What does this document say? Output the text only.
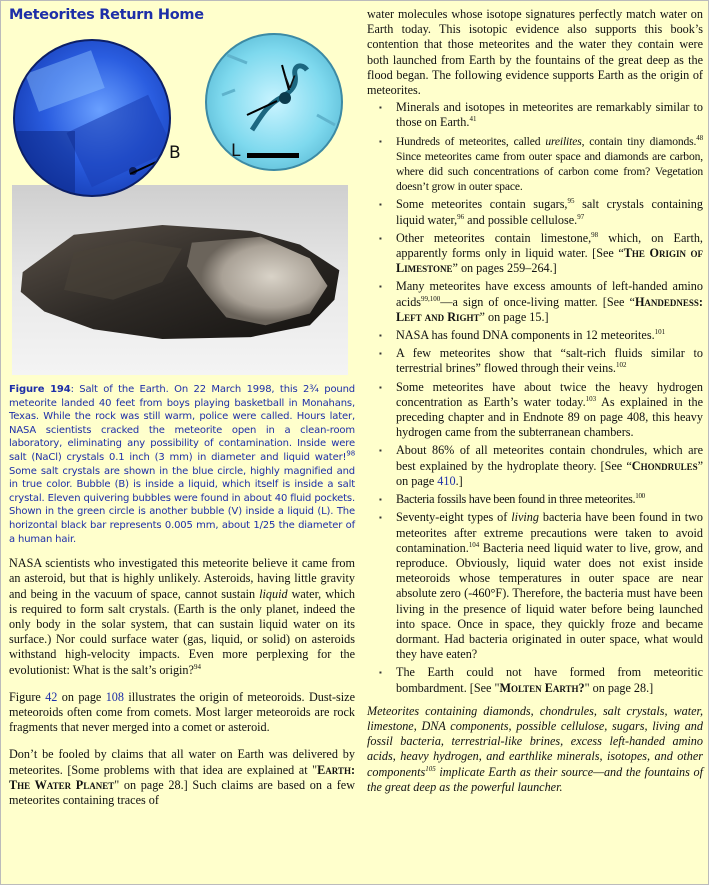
Meteorites Return Home
B
V
L
Figure 194: Salt of the Earth. On 22 March 1998, this 2¾ pound meteorite landed 40 feet from boys playing basketball in Monahans, Texas. While the rock was still warm, police were called. Hours later, NASA scientists cracked the meteorite open in a clean-room laboratory, eliminating any possibility of contamination. Inside were salt (NaCl) crystals 0.1 inch (3 mm) in diameter and liquid water!$^{98}$ Some salt crystals are shown in the blue circle, highly magnified and in true color. Bubble (B) is inside a liquid, which itself is inside a salt crystal. Eleven quivering bubbles were found in about 40 fluid pockets. Shown in the green circle is another bubble (V) inside a liquid (L). The horizontal black bar represents 0.005 mm, about 1/25 the diameter of a human hair.

NASA scientists who investigated this meteorite believe it came from an asteroid, but that is highly unlikely. Asteroids, having little gravity and being in the vacuum of space, cannot sustain liquid water, which is required to form salt crystals. (Earth is the only planet, indeed the only body in the solar system, that can sustain liquid water on its surface.) Nor could surface water (gas, liquid, or solid) on asteroids withstand high-velocity impacts. Even more perplexing for the evolutionist: What is the salt’s origin?$^{94}$

Figure 42 on page 108 illustrates the origin of meteoroids. Dust-size meteoroids often come from comets. Most larger meteoroids are rock fragments that never merged into a comet or asteroid.

Don’t be fooled by claims that all water on Earth was delivered by meteorites. [Some problems with that idea are explained at "Earth: The Water Planet" on page 28.] Such claims are based on a few meteorites containing traces of

water molecules whose isotope signatures perfectly match water on Earth today. This isotopic evidence also supports this book’s contention that those meteorites and the water they contain were both launched from Earth by the fountains of the great deep as the flood began. The following evidence supports Earth as the origin of meteorites.

▪ Minerals and isotopes in meteorites are remarkably similar to those on Earth.$^{41}$
▪ Hundreds of meteorites, called ureilites, contain tiny diamonds.$^{48}$ Since meteorites came from outer space and diamonds are carbon, where did such concentrations of carbon come from? Vegetation doesn’t grow in outer space.
▪ Some meteorites contain sugars,$^{95}$ salt crystals containing liquid water,$^{96}$ and possible cellulose.$^{97}$
▪ Other meteorites contain limestone,$^{98}$ which, on Earth, apparently forms only in liquid water. [See “The Origin of Limestone” on pages 259–264.]
▪ Many meteorites have excess amounts of left-handed amino acids$^{99,100}$—a sign of once-living matter. [See “Handedness: Left and Right” on page 15.]
▪ NASA has found DNA components in 12 meteorites.$^{101}$
▪ A few meteorites show that “salt-rich fluids similar to terrestrial brines” flowed through their veins.$^{102}$
▪ Some meteorites have about twice the heavy hydrogen concentration as Earth’s water today.$^{103}$ As explained in the preceding chapter and in Endnote 89 on page 408, this heavy hydrogen came from the subterranean chambers.
▪ About 86% of all meteorites contain chondrules, which are best explained by the hydroplate theory. [See “Chondrules” on page 410.]
▪ Bacteria fossils have been found in three meteorites.$^{100}$
▪ Seventy-eight types of living bacteria have been found in two meteorites after extreme precautions were taken to avoid contamination.$^{104}$ Bacteria need liquid water to live, grow, and reproduce. Obviously, liquid water does not exist inside meteoroids whose temperatures in outer space are near absolute zero (-460°F). Therefore, the bacteria must have been living in the presence of liquid water before being launched into space. Once in space, they quickly froze and became dormant. Had bacteria originated in outer space, what would they have eaten?
▪ The Earth could not have formed from meteoritic bombardment. [See "Molten Earth?" on page 28.]

Meteorites containing diamonds, chondrules, salt crystals, water, limestone, DNA components, possible cellulose, sugars, living and fossil bacteria, terrestrial-like brines, excess left-handed amino acids, heavy hydrogen, and earthlike minerals, isotopes, and other components$^{105}$ implicate Earth as their source—and the fountains of the great deep as the powerful launcher.
